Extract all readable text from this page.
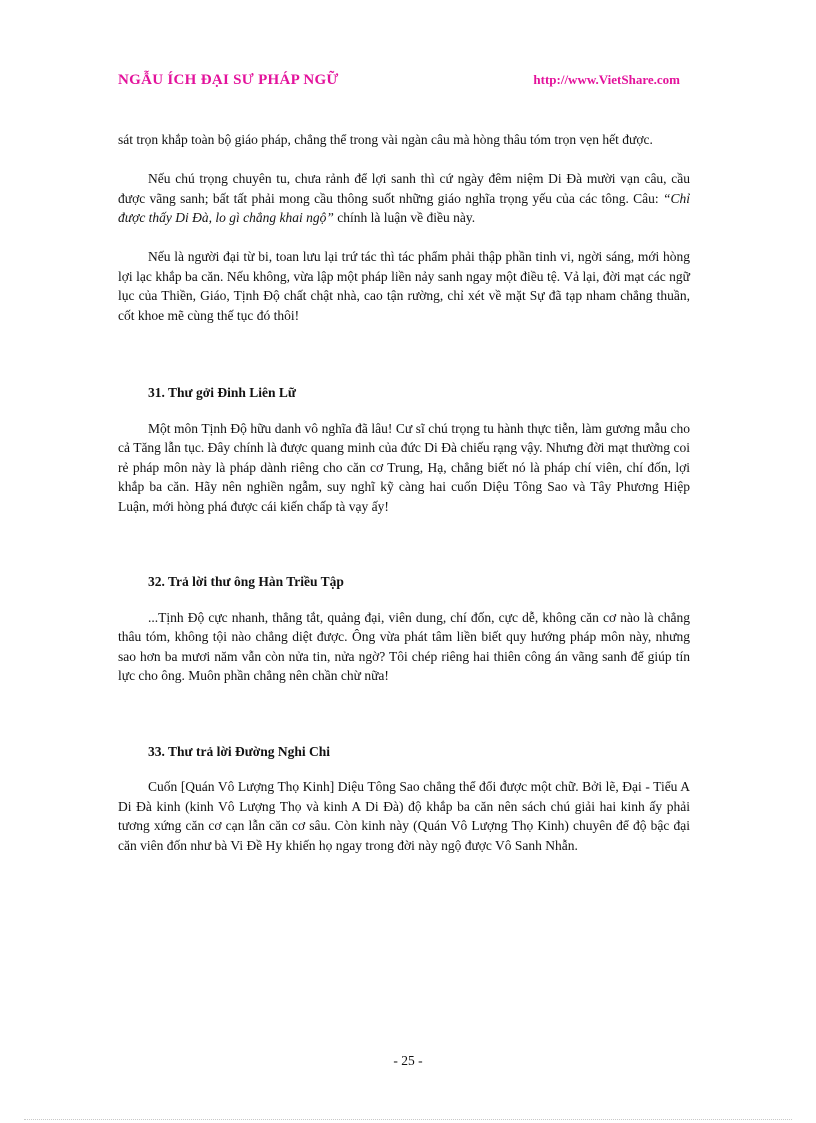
NGẪU ÍCH ĐẠI SƯ PHÁP NGỮ	http://www.VietShare.com

sát trọn khắp toàn bộ giáo pháp, chẳng thể trong vài ngàn câu mà hòng thâu tóm trọn vẹn hết được.

Nếu chú trọng chuyên tu, chưa rảnh để lợi sanh thì cứ ngày đêm niệm Di Đà mười vạn câu, cầu được vãng sanh; bất tất phải mong cầu thông suốt những giáo nghĩa trọng yếu của các tông. Câu: “Chỉ được thấy Di Đà, lo gì chẳng khai ngộ” chính là luận về điều này.

Nếu là người đại từ bi, toan lưu lại trứ tác thì tác phẩm phải thập phần tinh vi, ngời sáng, mới hòng lợi lạc khắp ba căn. Nếu không, vừa lập một pháp liền nảy sanh ngay một điều tệ. Vả lại, đời mạt các ngữ lục của Thiền, Giáo, Tịnh Độ chất chật nhà, cao tận rường, chỉ xét về mặt Sự đã tạp nham chẳng thuần, cốt khoe mẽ cùng thế tục đó thôi!

31. Thư gởi Đinh Liên Lữ

Một môn Tịnh Độ hữu danh vô nghĩa đã lâu! Cư sĩ chú trọng tu hành thực tiễn, làm gương mẫu cho cả Tăng lẫn tục. Đây chính là được quang minh của đức Di Đà chiếu rạng vậy. Nhưng đời mạt thường coi rẻ pháp môn này là pháp dành riêng cho căn cơ Trung, Hạ, chẳng biết nó là pháp chí viên, chí đốn, lợi khắp ba căn. Hãy nên nghiền ngẫm, suy nghĩ kỹ càng hai cuốn Diệu Tông Sao và Tây Phương Hiệp Luận, mới hòng phá được cái kiến chấp tà vạy ấy!

32. Trả lời thư ông Hàn Triều Tập

...Tịnh Độ cực nhanh, thẳng tắt, quảng đại, viên dung, chí đốn, cực dễ, không căn cơ nào là chẳng thâu tóm, không tội nào chẳng diệt được. Ông vừa phát tâm liền biết quy hướng pháp môn này, nhưng sao hơn ba mươi năm vẫn còn nửa tin, nửa ngờ? Tôi chép riêng hai thiên công án vãng sanh để giúp tín lực cho ông. Muôn phần chẳng nên chần chừ nữa!

33. Thư trả lời Đường Nghi Chi

Cuốn [Quán Vô Lượng Thọ Kinh] Diệu Tông Sao chẳng thể đổi được một chữ. Bởi lẽ, Đại - Tiểu A Di Đà kinh (kinh Vô Lượng Thọ và kinh A Di Đà) độ khắp ba căn nên sách chú giải hai kinh ấy phải tương xứng căn cơ cạn lẫn căn cơ sâu. Còn kinh này (Quán Vô Lượng Thọ Kinh) chuyên để độ bậc đại căn viên đốn như bà Vi Đề Hy khiến họ ngay trong đời này ngộ được Vô Sanh Nhẫn.

- 25 -
